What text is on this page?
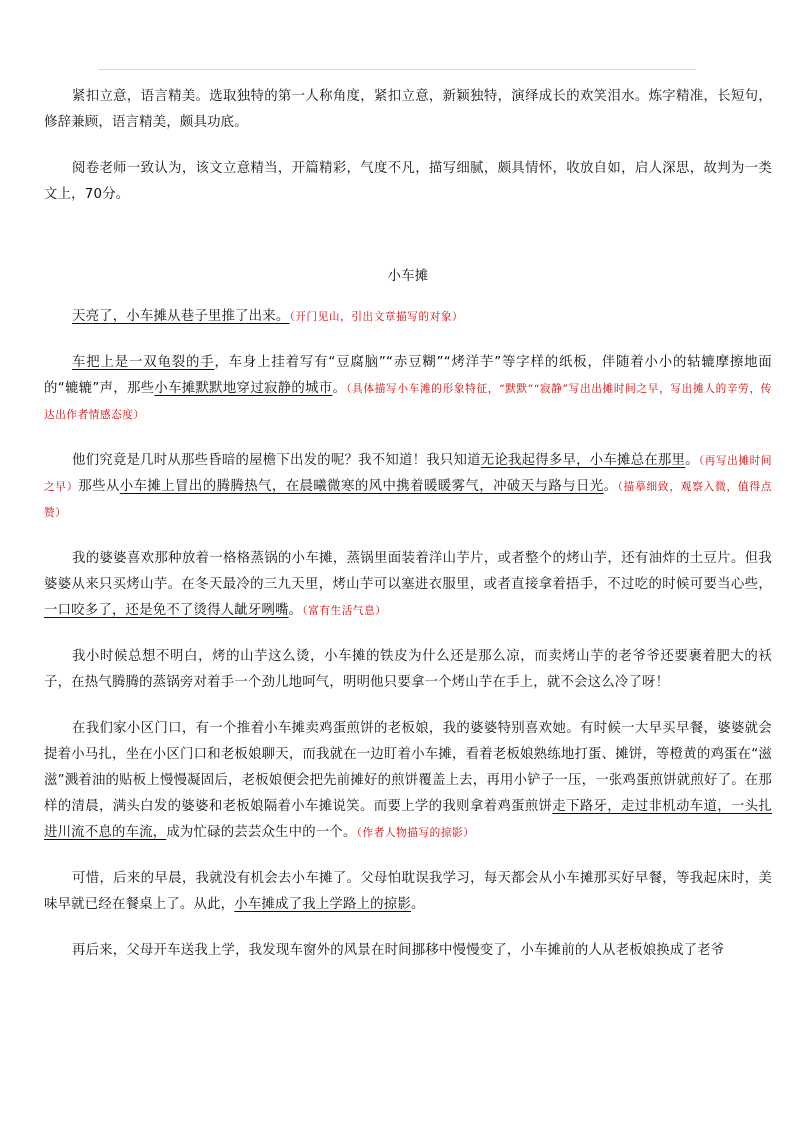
紧扣立意，语言精美。选取独特的第一人称角度，紧扣立意，新颖独特，演绎成长的欢笑泪水。炼字精准，长短句，修辞兼顾，语言精美，颇具功底。

阅卷老师一致认为，该文立意精当，开篇精彩，气度不凡，描写细腻，颇具情怀，收放自如，启人深思，故判为一类文上，70分。

小车摊

天亮了，小车摊从巷子里推了出来。（开门见山，引出文章描写的对象）

车把上是一双龟裂的手，车身上挂着写有“豆腐脑”“赤豆糊”“烤洋芋”等字样的纸板，伴随着小小的轱辘摩擦地面的“辘辘”声，那些小车摊默默地穿过寂静的城市。（具体描写小车滩的形象特征，“默默”“寂静”写出出摊时间之早，写出摊人的辛劳，传达出作者情感态度）

他们究竟是几时从那些昏暗的屋檐下出发的呢？我不知道！我只知道无论我起得多早，小车摊总在那里。（再写出摊时间之早）那些从小车摊上冒出的腾腾热气，在晨曦微寒的风中携着暖暖雾气，冲破天与路与日光。（描摹细致，观察入微，值得点赞）

我的婆婆喜欢那种放着一格格蒸锅的小车摊，蒸锅里面装着洋山芋片，或者整个的烤山芋，还有油炸的土豆片。但我婆婆从来只买烤山芋。在冬天最冷的三九天里，烤山芋可以塞进衣服里，或者直接拿着捂手，不过吃的时候可要当心些，一口咬多了，还是免不了烫得人龇牙咧嘴。（富有生活气息）

我小时候总想不明白，烤的山芋这么烫，小车摊的铁皮为什么还是那么凉，而卖烤山芋的老爷爷还要裹着肥大的袄子，在热气腾腾的蒸锅旁对着手一个劲儿地呵气，明明他只要拿一个烤山芋在手上，就不会这么冷了呀！

在我们家小区门口，有一个推着小车摊卖鸡蛋煎饼的老板娘，我的婆婆特别喜欢她。有时候一大早买早餐，婆婆就会提着小马扎，坐在小区门口和老板娘聊天，而我就在一边盯着小车摊，看着老板娘熟练地打蛋、摊饼，等橙黄的鸡蛋在“滋滋”溅着油的贴板上慢慢凝固后，老板娘便会把先前摊好的煎饼覆盖上去，再用小铲子一压，一张鸡蛋煎饼就煎好了。在那样的清晨，满头白发的婆婆和老板娘隔着小车摊说笑。而要上学的我则拿着鸡蛋煎饼走下路牙，走过非机动车道，一头扎进川流不息的车流，成为忙碌的芸芸众生中的一个。（作者人物描写的掠影）

可惜，后来的早晨，我就没有机会去小车摊了。父母怕耽误我学习，每天都会从小车摊那买好早餐，等我起床时，美味早就已经在餐桌上了。从此，小车摊成了我上学路上的掠影。

再后来，父母开车送我上学，我发现车窗外的风景在时间挪移中慢慢变了，小车摊前的人从老板娘换成了老爷
